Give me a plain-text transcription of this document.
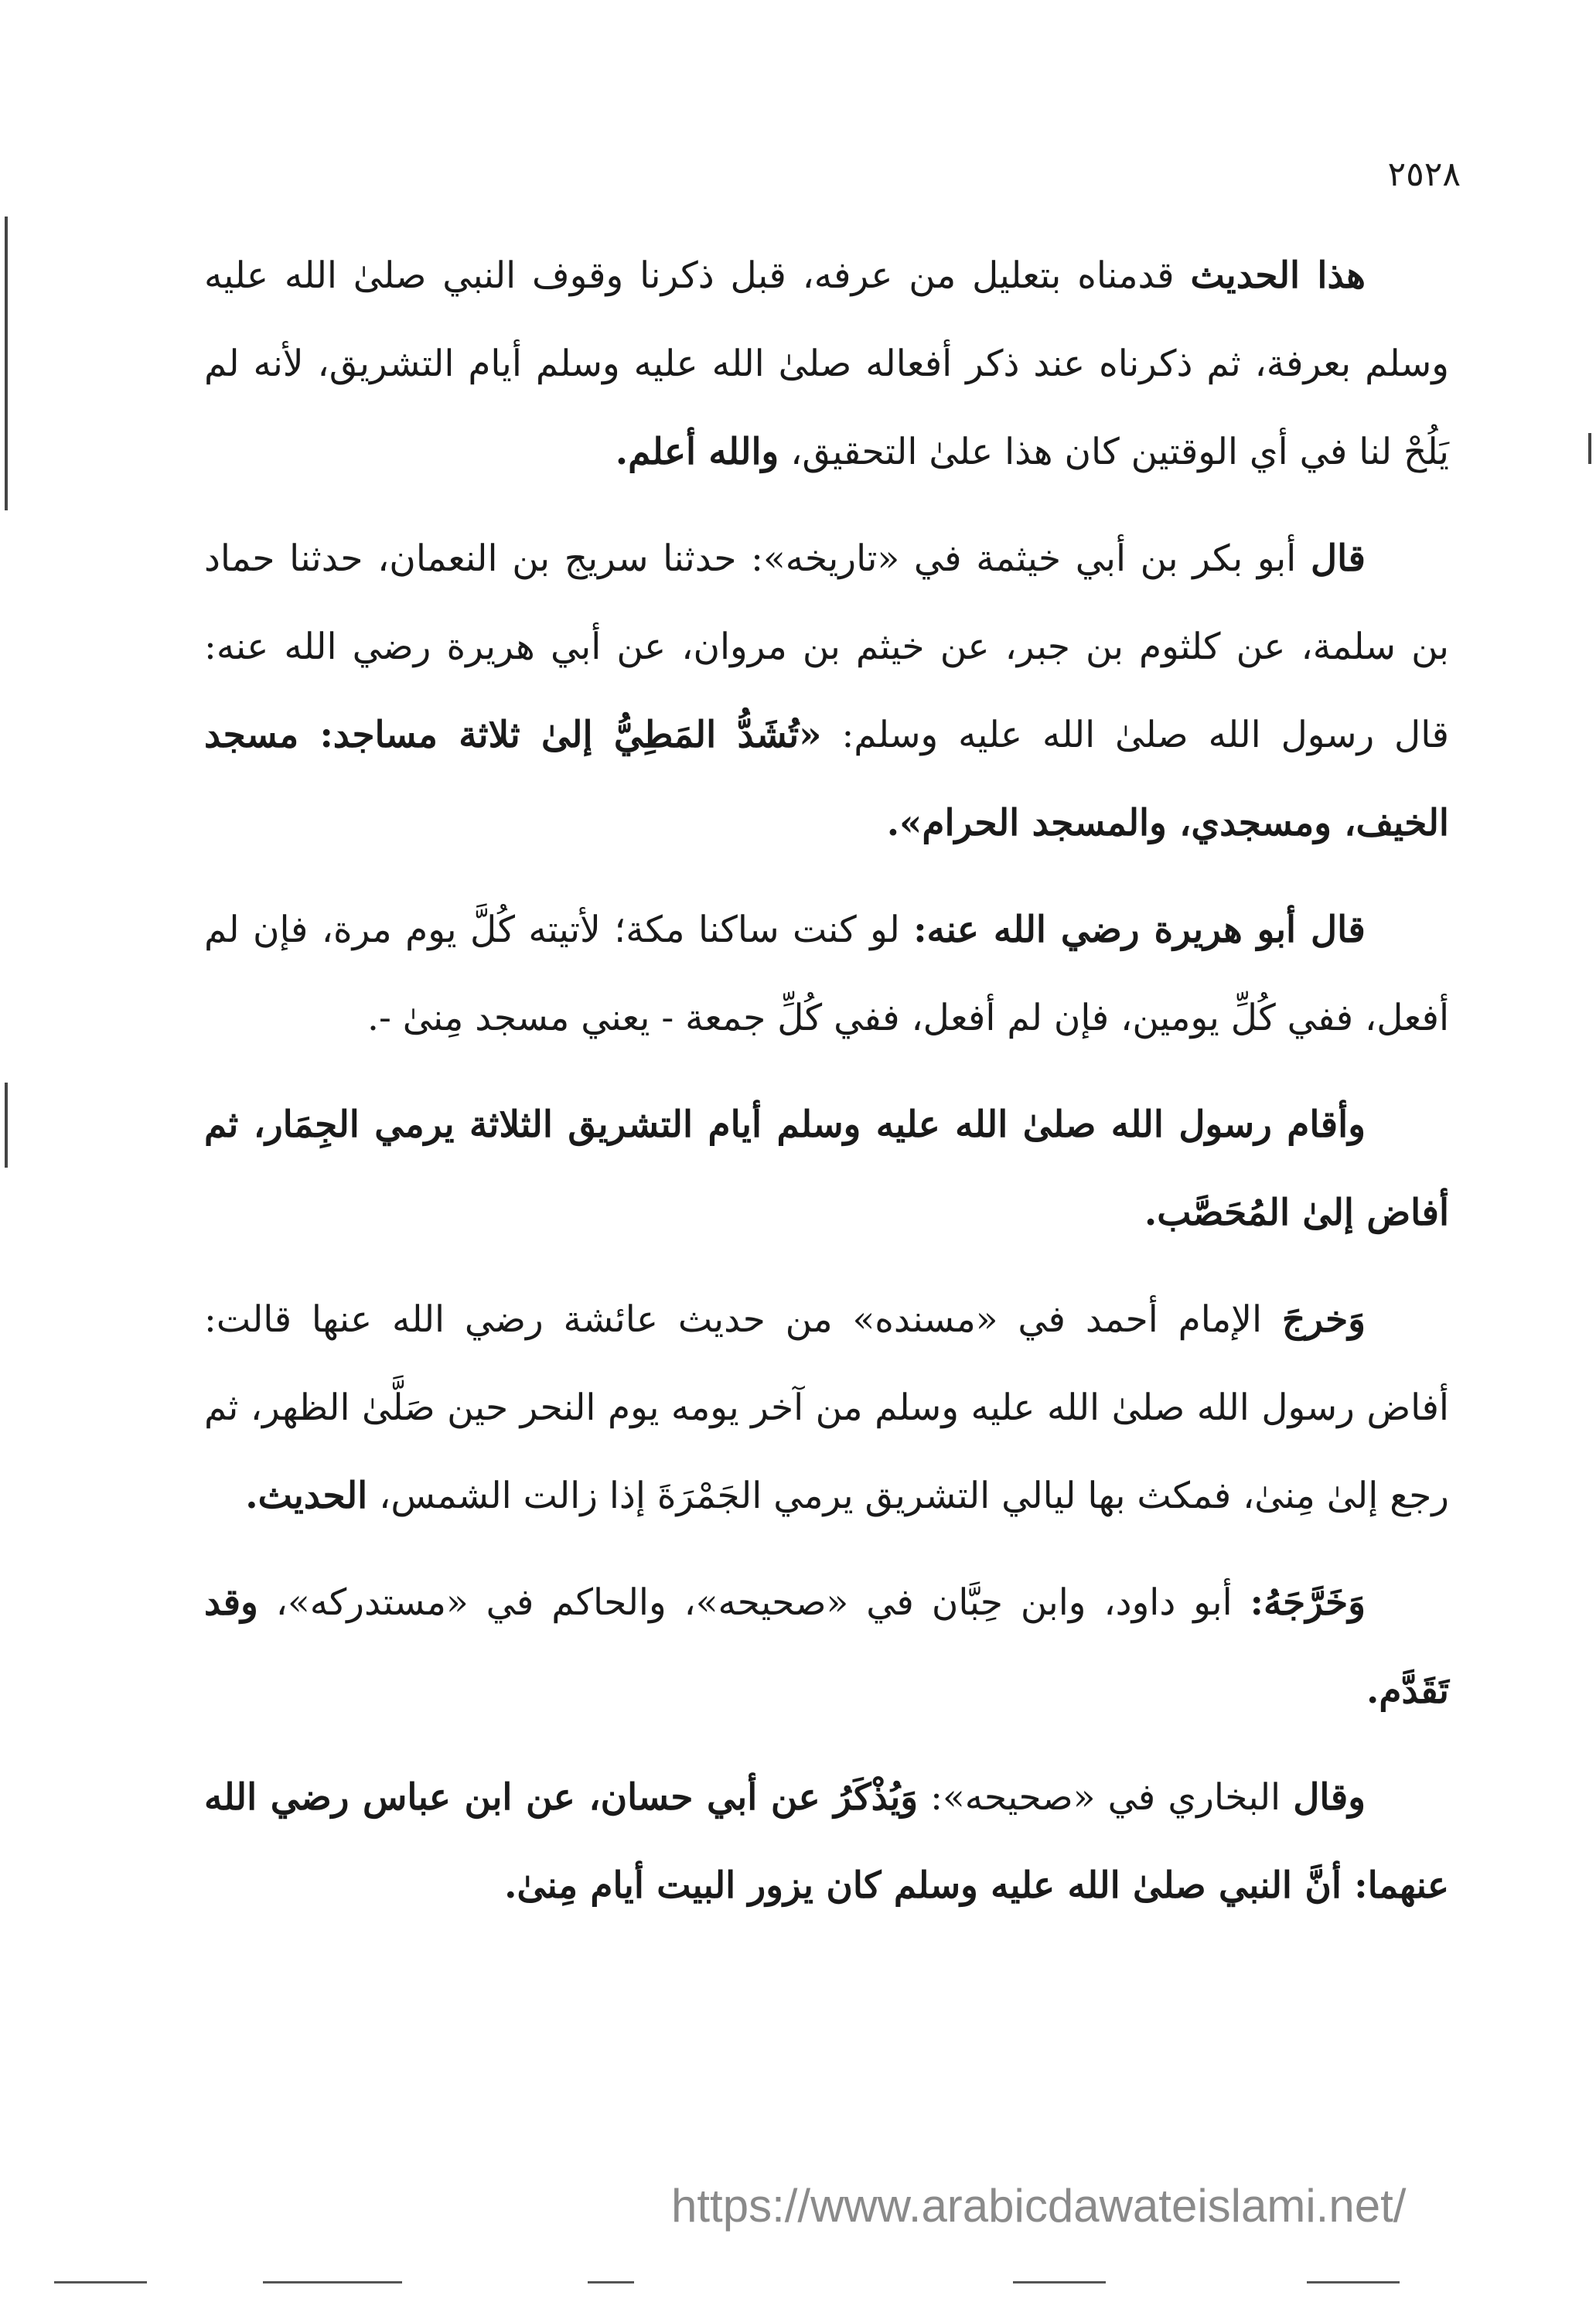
٢٥٢٨

هذا الحديث قدمناه بتعليل من عرفه، قبل ذكرنا وقوف النبي صلىٰ الله عليه وسلم بعرفة، ثم ذكرناه عند ذكر أفعاله صلىٰ الله عليه وسلم أيام التشريق، لأنه لم يَلُحْ لنا في أي الوقتين كان هذا علىٰ التحقيق، والله أعلم.

قال أبو بكر بن أبي خيثمة في «تاريخه»: حدثنا سريج بن النعمان، حدثنا حماد بن سلمة، عن كلثوم بن جبر، عن خيثم بن مروان، عن أبي هريرة رضي الله عنه: قال رسول الله صلىٰ الله عليه وسلم: «تُشَدُّ المَطِيُّ إلىٰ ثلاثة مساجد: مسجد الخيف، ومسجدي، والمسجد الحرام».

قال أبو هريرة رضي الله عنه: لو كنت ساكنا مكة؛ لأتيته كُلَّ يوم مرة، فإن لم أفعل، ففي كُلِّ يومين، فإن لم أفعل، ففي كُلِّ جمعة - يعني مسجد مِنىٰ -.

وأقام رسول الله صلىٰ الله عليه وسلم أيام التشريق الثلاثة يرمي الجِمَار، ثم أفاض إلىٰ المُحَصَّب.

وَخرجَ الإمام أحمد في «مسنده» من حديث عائشة رضي الله عنها قالت: أفاض رسول الله صلىٰ الله عليه وسلم من آخر يومه يوم النحر حين صَلَّىٰ الظهر، ثم رجع إلىٰ مِنىٰ، فمكث بها ليالي التشريق يرمي الجَمْرَةَ إذا زالت الشمس، الحديث.

وَخَرَّجَهُ: أبو داود، وابن حِبَّان في «صحيحه»، والحاكم في «مستدركه»، وقد تَقَدَّم.

وقال البخاري في «صحيحه»: وَيُذْكَرُ عن أبي حسان، عن ابن عباس رضي الله عنهما: أنَّ النبي صلىٰ الله عليه وسلم كان يزور البيت أيام مِنىٰ.

https://www.arabicdawateislami.net/
